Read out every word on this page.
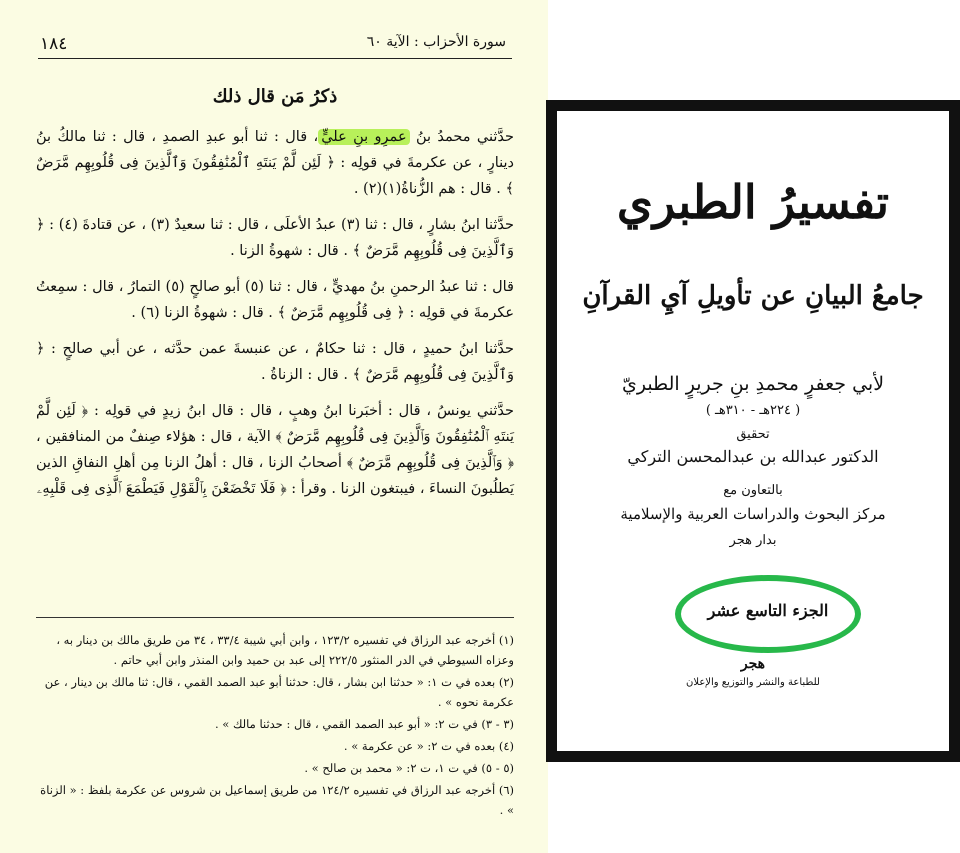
١٨٤	سورة الأحزاب : الآية ٦٠
ذكرُ مَن قال ذلك

حدَّثني محمدُ بنُ عمرِو بنِ عليٍّ، قال : ثنا أبو عبدِ الصمدِ ، قال : ثنا مالكُ بنُ دينارٍ ، عن عكرمةَ في قولِه : ﴿ لَئِن لَّمْ يَنتَهِ ٱلْمُنَٰفِقُونَ وَٱلَّذِينَ فِى قُلُوبِهِم مَّرَضٌ ﴾ . قال : هم الزُّناةُ(١)(٢) .

حدَّثنا ابنُ بشارٍ ، قال : ثنا (٣) عبدُ الأعلَى ، قال : ثنا سعيدٌ (٣) ، عن قتادةَ (٤) : ﴿ وَٱلَّذِينَ فِى قُلُوبِهِم مَّرَضٌ ﴾ . قال : شهوةُ الزنا .

قال : ثنا عبدُ الرحمنِ بنُ مهديٍّ ، قال : ثنا (٥) أبو صالحٍ (٥) التمارُ ، قال : سمِعتُ عكرمةَ في قولِه : ﴿ فِى قُلُوبِهِم مَّرَضٌ ﴾ . قال : شهوةُ الزنا (٦) .

حدَّثنا ابنُ حميدٍ ، قال : ثنا حكامٌ ، عن عنبسةَ عمن حدَّثه ، عن أبي صالحٍ : ﴿ وَٱلَّذِينَ فِى قُلُوبِهِم مَّرَضٌ ﴾ . قال : الزناةُ .

حدَّثني يونسُ ، قال : أخبَرنا ابنُ وهبٍ ، قال : قال ابنُ زيدٍ في قولِه : ﴿ لَئِن لَّمْ يَنتَهِ ٱلْمُنَٰفِقُونَ وَٱلَّذِينَ فِى قُلُوبِهِم مَّرَضٌ ﴾ الآية ، قال : هؤلاء صِنفٌ من المنافقين ، ﴿ وَٱلَّذِينَ فِى قُلُوبِهِم مَّرَضٌ ﴾ أصحابُ الزنا ، قال : أهلُ الزنا مِن أهلِ النفاقِ الذين يَطلُبونَ النساءَ ، فيبتغون الزنا . وقرأ : ﴿ فَلَا تَخْضَعْنَ بِٱلْقَوْلِ فَيَطْمَعَ ٱلَّذِى فِى قَلْبِهِۦ

(١) أخرجه عبد الرزاق في تفسيره ١٢٣/٢ ، وابن أبي شيبة ٣٣/٤ ، ٣٤ من طريق مالك بن دينار به ، وعزاه السيوطي في الدر المنثور ٢٢٢/٥ إلى عبد بن حميد وابن المنذر وابن أبي حاتم .

(٢) بعده في ت ١: « حدثنا ابن بشار ، قال: حدثنا أبو عبد الصمد القمي ، قال: ثنا مالك بن دينار ، عن عكرمة نحوه » .

(٣ - ٣) في ت ٢: « أبو عبد الصمد القمي ، قال : حدثنا مالك » .

(٤) بعده في ت ٢: « عن عكرمة » .

(٥ - ٥) في ت ١، ت ٢: « محمد بن صالح » .

(٦) أخرجه عبد الرزاق في تفسيره ١٢٤/٢ من طريق إسماعيل بن شروس عن عكرمة بلفظ : « الزناة » .

تفسيرُ الطبري
جامعُ البيانِ عن تأويلِ آيِ القرآنِ
لأبي جعفرٍ محمدِ بنِ جريرٍ الطبريّ
( ٢٢٤هـ - ٣١٠هـ )
تحقيق
الدكتور عبدالله بن عبدالمحسن التركي
بالتعاون مع
مركز البحوث والدراسات العربية والإسلامية
بدار هجر
الجزء التاسع عشر
هجر
للطباعة والنشر والتوزيع والإعلان
